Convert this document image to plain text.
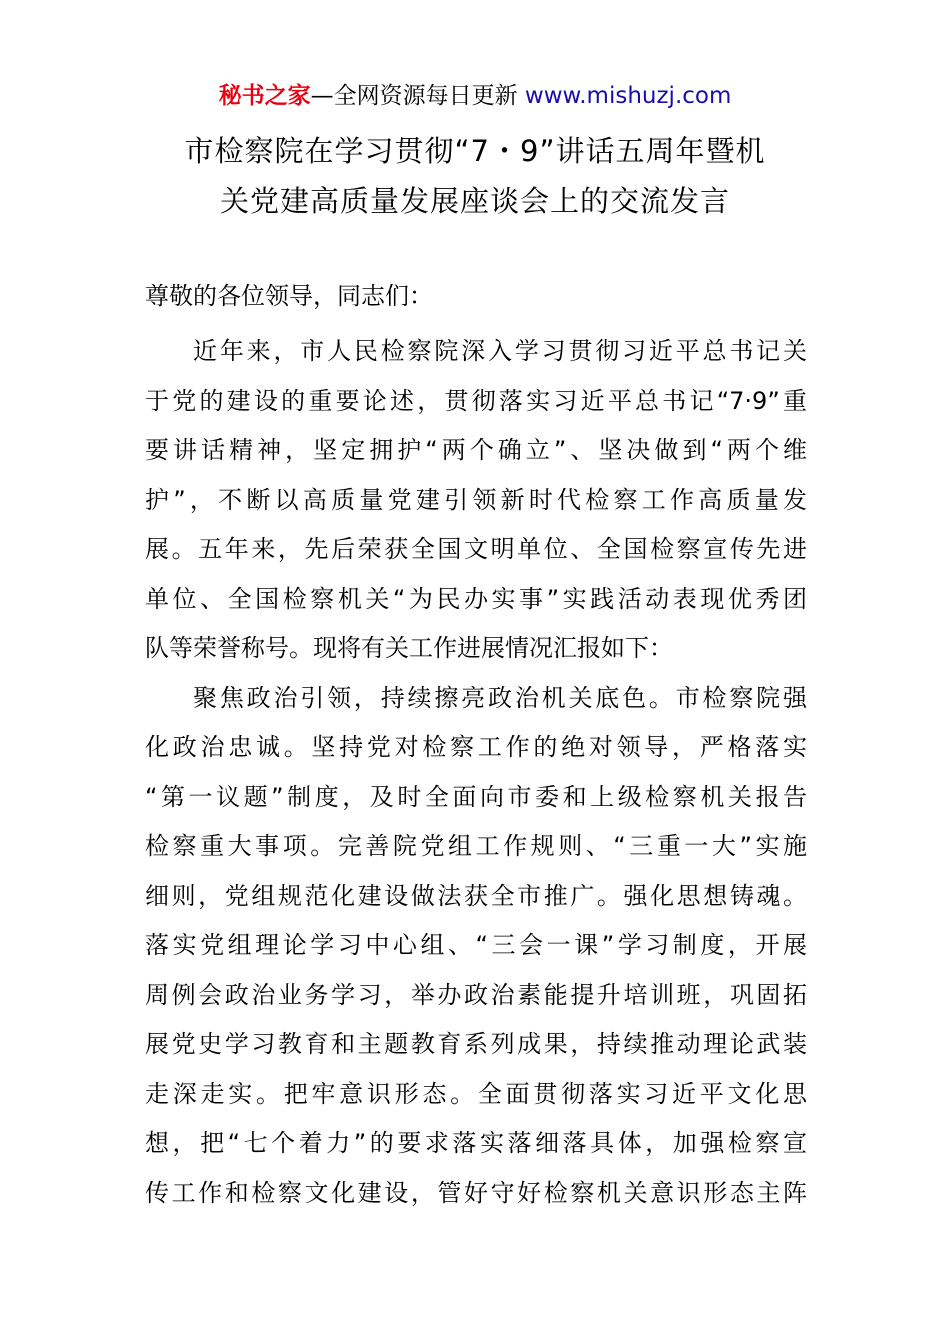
秘书之家—全网资源每日更新 www.mishuzj.com
市检察院在学习贯彻“7・9”讲话五周年暨机
关党建高质量发展座谈会上的交流发言
尊敬的各位领导，同志们：
近年来，市人民检察院深入学习贯彻习近平总书记关
于党的建设的重要论述，贯彻落实习近平总书记“7·9”重
要讲话精神，坚定拥护“两个确立”、坚决做到“两个维
护”，不断以高质量党建引领新时代检察工作高质量发
展。五年来，先后荣获全国文明单位、全国检察宣传先进
单位、全国检察机关“为民办实事”实践活动表现优秀团
队等荣誉称号。现将有关工作进展情况汇报如下：
聚焦政治引领，持续擦亮政治机关底色。市检察院强
化政治忠诚。坚持党对检察工作的绝对领导，严格落实
“第一议题”制度，及时全面向市委和上级检察机关报告
检察重大事项。完善院党组工作规则、“三重一大”实施
细则，党组规范化建设做法获全市推广。强化思想铸魂。
落实党组理论学习中心组、“三会一课”学习制度，开展
周例会政治业务学习，举办政治素能提升培训班，巩固拓
展党史学习教育和主题教育系列成果，持续推动理论武装
走深走实。把牢意识形态。全面贯彻落实习近平文化思
想，把“七个着力”的要求落实落细落具体，加强检察宣
传工作和检察文化建设，管好守好检察机关意识形态主阵
